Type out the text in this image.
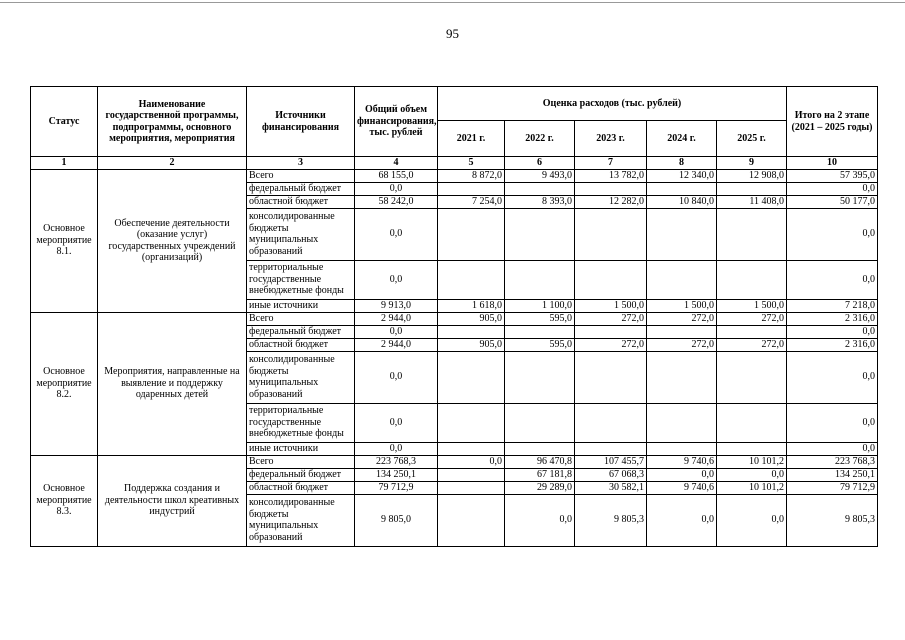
95
Статус	Наименование государственной программы, подпрограммы, основного мероприятия, мероприятия	Источники финансирования	Общий объем финансирования, тыс. рублей	Оценка расходов (тыс. рублей)					Итого на 2 этапе (2021 – 2025 годы)
				2021 г.	2022 г.	2023 г.	2024 г.	2025 г.	
1	2	3	4	5	6	7	8	9	10
Основное мероприятие 8.1.	Обеспечение деятельности (оказание услуг) государственных учреждений (организаций)	Всего	68 155,0	8 872,0	9 493,0	13 782,0	12 340,0	12 908,0	57 395,0
		федеральный бюджет	0,0						0,0
		областной бюджет	58 242,0	7 254,0	8 393,0	12 282,0	10 840,0	11 408,0	50 177,0
		консолидированные бюджеты муниципальных образований	0,0						0,0
		территориальные государственные внебюджетные фонды	0,0						0,0
		иные источники	9 913,0	1 618,0	1 100,0	1 500,0	1 500,0	1 500,0	7 218,0
Основное мероприятие 8.2.	Мероприятия, направленные на выявление и поддержку одаренных детей	Всего	2 944,0	905,0	595,0	272,0	272,0	272,0	2 316,0
		федеральный бюджет	0,0						0,0
		областной бюджет	2 944,0	905,0	595,0	272,0	272,0	272,0	2 316,0
		консолидированные бюджеты муниципальных образований	0,0						0,0
		территориальные государственные внебюджетные фонды	0,0						0,0
		иные источники	0,0						0,0
Основное мероприятие 8.3.	Поддержка создания и деятельности школ креативных индустрий	Всего	223 768,3	0,0	96 470,8	107 455,7	9 740,6	10 101,2	223 768,3
		федеральный бюджет	134 250,1		67 181,8	67 068,3	0,0	0,0	134 250,1
		областной бюджет	79 712,9		29 289,0	30 582,1	9 740,6	10 101,2	79 712,9
		консолидированные бюджеты муниципальных образований	9 805,0		0,0	9 805,3	0,0	0,0	9 805,3
